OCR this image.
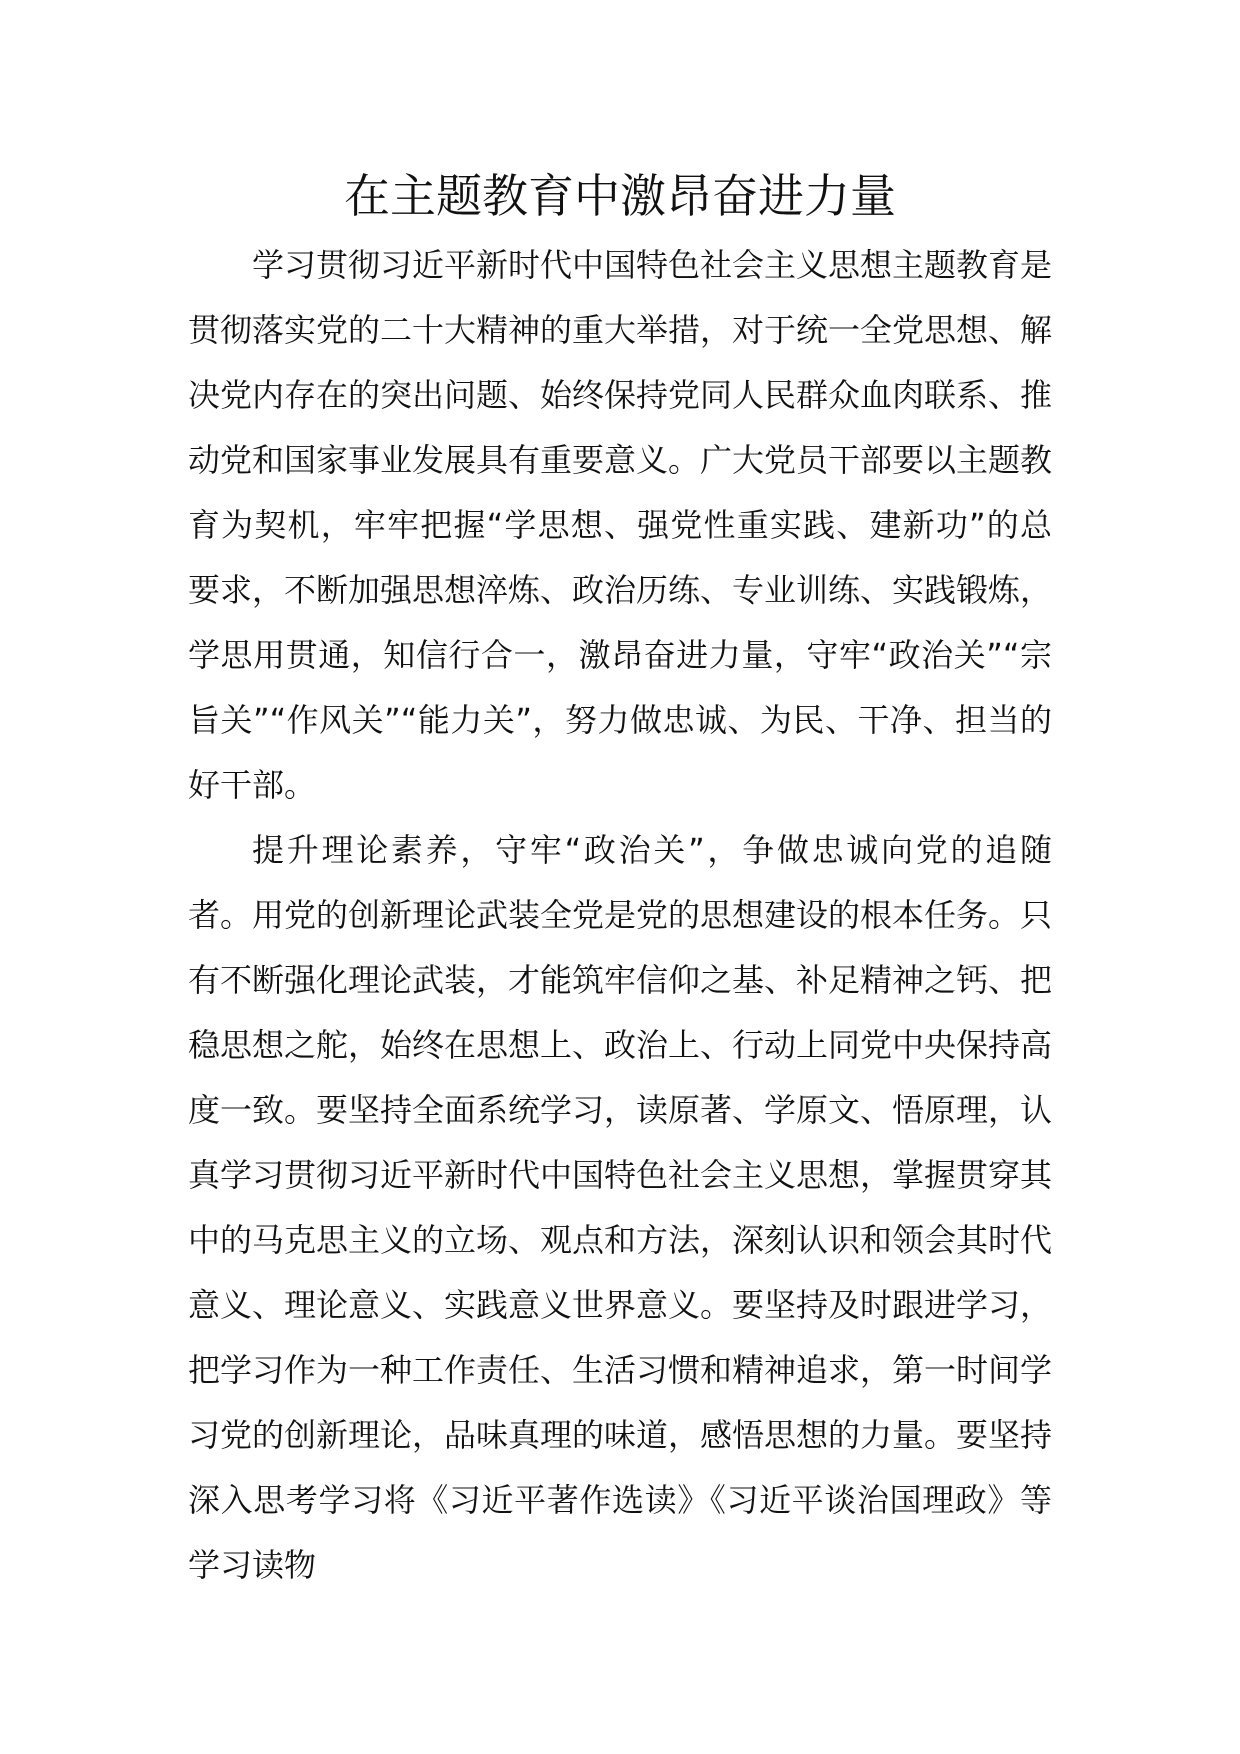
在主题教育中激昂奋进力量

学习贯彻习近平新时代中国特色社会主义思想主题教育是贯彻落实党的二十大精神的重大举措，对于统一全党思想、解决党内存在的突出问题、始终保持党同人民群众血肉联系、推动党和国家事业发展具有重要意义。广大党员干部要以主题教育为契机，牢牢把握“学思想、强党性重实践、建新功”的总要求，不断加强思想淬炼、政治历练、专业训练、实践锻炼，学思用贯通，知信行合一，激昂奋进力量，守牢“政治关”“宗旨关”“作风关”“能力关”，努力做忠诚、为民、干净、担当的好干部。

提升理论素养，守牢“政治关”，争做忠诚向党的追随者。用党的创新理论武装全党是党的思想建设的根本任务。只有不断强化理论武装，才能筑牢信仰之基、补足精神之钙、把稳思想之舵，始终在思想上、政治上、行动上同党中央保持高度一致。要坚持全面系统学习，读原著、学原文、悟原理，认真学习贯彻习近平新时代中国特色社会主义思想，掌握贯穿其中的马克思主义的立场、观点和方法，深刻认识和领会其时代意义、理论意义、实践意义世界意义。要坚持及时跟进学习，把学习作为一种工作责任、生活习惯和精神追求，第一时间学习党的创新理论，品味真理的味道，感悟思想的力量。要坚持深入思考学习将《习近平著作选读》《习近平谈治国理政》等学习读物
